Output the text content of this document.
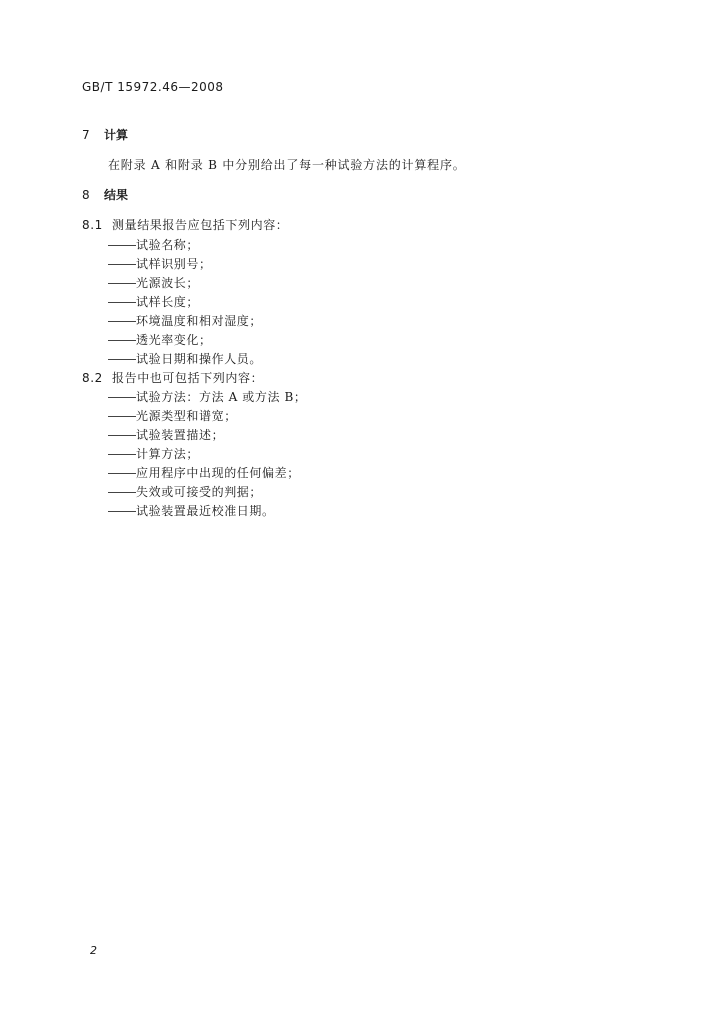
GB/T 15972.46—2008
7 计算
在附录 A 和附录 B 中分别给出了每一种试验方法的计算程序。
8 结果
8.1 测量结果报告应包括下列内容：
试验名称；
试样识别号；
光源波长；
试样长度；
环境温度和相对湿度；
透光率变化；
试验日期和操作人员。
8.2 报告中也可包括下列内容：
试验方法：方法 A 或方法 B；
光源类型和谱宽；
试验装置描述；
计算方法；
应用程序中出现的任何偏差；
失效或可接受的判据；
试验装置最近校准日期。
2
